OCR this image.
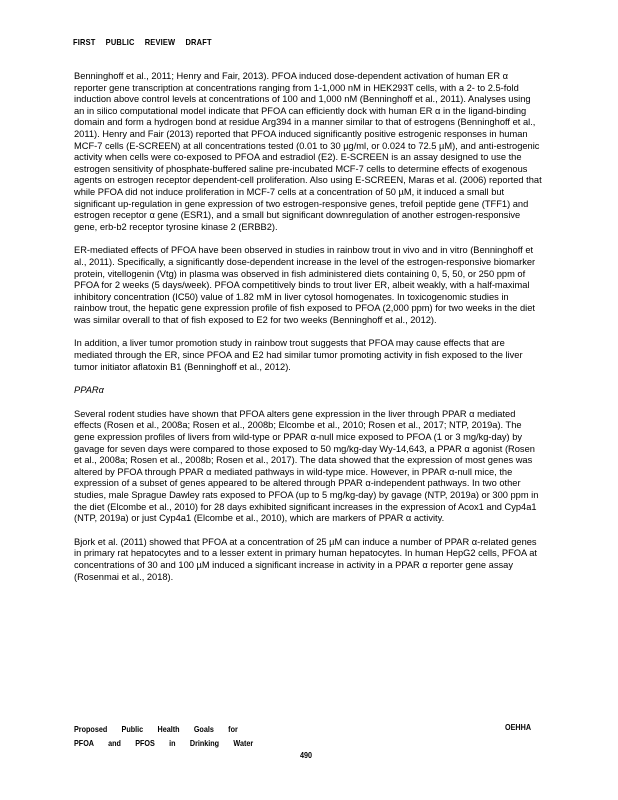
FIRST PUBLIC REVIEW DRAFT

Benninghoff et al., 2011; Henry and Fair, 2013). PFOA induced dose-dependent activation of human ER α reporter gene transcription at concentrations ranging from 1-1,000 nM in HEK293T cells, with a 2- to 2.5-fold induction above control levels at concentrations of 100 and 1,000 nM (Benninghoff et al., 2011). Analyses using an in silico computational model indicate that PFOA can efficiently dock with human ER α in the ligand-binding domain and form a hydrogen bond at residue Arg394 in a manner similar to that of estrogens (Benninghoff et al., 2011). Henry and Fair (2013) reported that PFOA induced significantly positive estrogenic responses in human MCF-7 cells (E-SCREEN) at all concentrations tested (0.01 to 30 µg/ml, or 0.024 to 72.5 µM), and anti-estrogenic activity when cells were co-exposed to PFOA and estradiol (E2). E-SCREEN is an assay designed to use the estrogen sensitivity of phosphate-buffered saline pre-incubated MCF-7 cells to determine effects of exogenous agents on estrogen receptor dependent-cell proliferation. Also using E-SCREEN, Maras et al. (2006) reported that while PFOA did not induce proliferation in MCF-7 cells at a concentration of 50 µM, it induced a small but significant up-regulation in gene expression of two estrogen-responsive genes, trefoil peptide gene (TFF1) and estrogen receptor α gene (ESR1), and a small but significant downregulation of another estrogen-responsive gene, erb-b2 receptor tyrosine kinase 2 (ERBB2).

ER-mediated effects of PFOA have been observed in studies in rainbow trout in vivo and in vitro (Benninghoff et al., 2011). Specifically, a significantly dose-dependent increase in the level of the estrogen-responsive biomarker protein, vitellogenin (Vtg) in plasma was observed in fish administered diets containing 0, 5, 50, or 250 ppm of PFOA for 2 weeks (5 days/week). PFOA competitively binds to trout liver ER, albeit weakly, with a half-maximal inhibitory concentration (IC50) value of 1.82 mM in liver cytosol homogenates. In toxicogenomic studies in rainbow trout, the hepatic gene expression profile of fish exposed to PFOA (2,000 ppm) for two weeks in the diet was similar overall to that of fish exposed to E2 for two weeks (Benninghoff et al., 2012).

In addition, a liver tumor promotion study in rainbow trout suggests that PFOA may cause effects that are mediated through the ER, since PFOA and E2 had similar tumor promoting activity in fish exposed to the liver tumor initiator aflatoxin B1 (Benninghoff et al., 2012).

PPARα

Several rodent studies have shown that PFOA alters gene expression in the liver through PPAR α mediated effects (Rosen et al., 2008a; Rosen et al., 2008b; Elcombe et al., 2010; Rosen et al., 2017; NTP, 2019a). The gene expression profiles of livers from wild-type or PPAR α-null mice exposed to PFOA (1 or 3 mg/kg-day) by gavage for seven days were compared to those exposed to 50 mg/kg-day Wy-14,643, a PPAR α agonist (Rosen et al., 2008a; Rosen et al., 2008b; Rosen et al., 2017). The data showed that the expression of most genes was altered by PFOA through PPAR α mediated pathways in wild-type mice. However, in PPAR α-null mice, the expression of a subset of genes appeared to be altered through PPAR α-independent pathways. In two other studies, male Sprague Dawley rats exposed to PFOA (up to 5 mg/kg-day) by gavage (NTP, 2019a) or 300 ppm in the diet (Elcombe et al., 2010) for 28 days exhibited significant increases in the expression of Acox1 and Cyp4a1 (NTP, 2019a) or just Cyp4a1 (Elcombe et al., 2010), which are markers of PPAR α activity.

Bjork et al. (2011) showed that PFOA at a concentration of 25 µM can induce a number of PPAR α-related genes in primary rat hepatocytes and to a lesser extent in primary human hepatocytes. In human HepG2 cells, PFOA at concentrations of 30 and 100 µM induced a significant increase in activity in a PPAR α reporter gene assay (Rosenmai et al., 2018).

Proposed Public Health Goals for
PFOA and PFOS in Drinking Water
OEHHA
490
